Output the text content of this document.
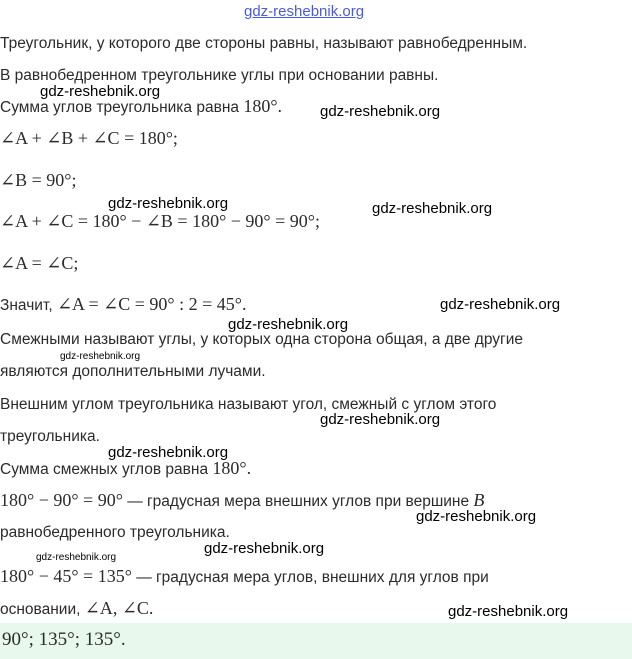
gdz-reshebnik.org
gdz-reshebnik.org
gdz-reshebnik.org
gdz-reshebnik.org	gdz-reshebnik.org
gdz-reshebnik.org
gdz-reshebnik.org
gdz-reshebnik.org
gdz-reshebnik.org
gdz-reshebnik.org
gdz-reshebnik.org
gdz-reshebnik.org
gdz-reshebnik.org
gdz-reshebnik.org

Треугольник, у которого две стороны равны, называют равнобедренным.

В равнобедренном треугольнике углы при основании равны.

Сумма углов треугольника равна 180°.

∠A + ∠B + ∠C = 180°;

∠B = 90°;

∠A + ∠C = 180° − ∠B = 180° − 90° = 90°;

∠A = ∠C;

Значит, ∠A = ∠C = 90° : 2 = 45°.

Смежными называют углы, у которых одна сторона общая, а две другие

являются дополнительными лучами.

Внешним углом треугольника называют угол, смежный с углом этого

треугольника.

Сумма смежных углов равна 180°.

180° − 90° = 90° — градусная мера внешних углов при вершине B

равнобедренного треугольника.

180° − 45° = 135° — градусная мера углов, внешних для углов при

основании, ∠A, ∠C.

90°; 135°; 135°.
